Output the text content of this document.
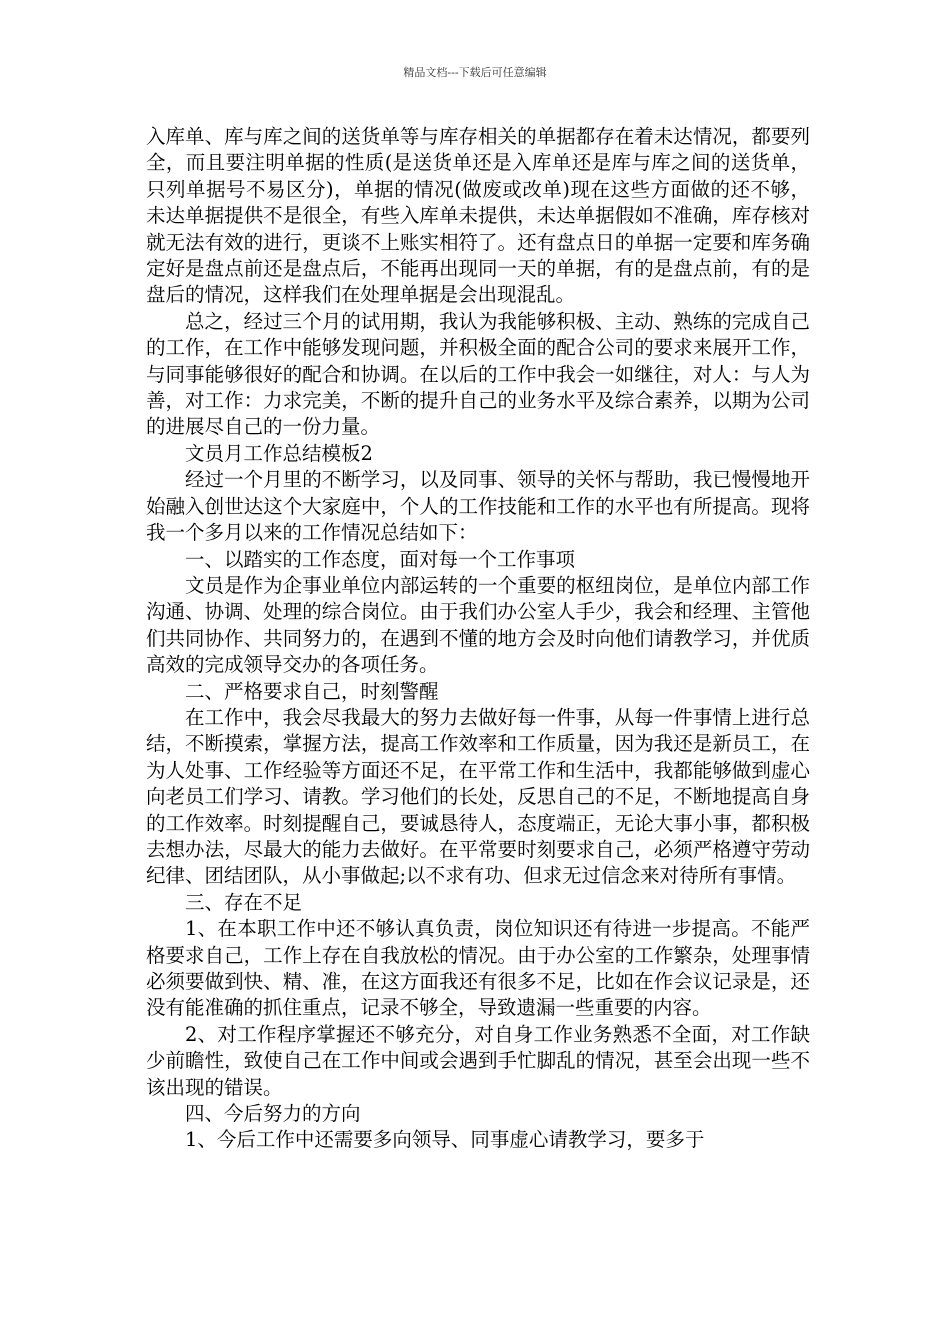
精品文档---下载后可任意编辑

入库单、库与库之间的送货单等与库存相关的单据都存在着未达情况，都要列全，而且要注明单据的性质(是送货单还是入库单还是库与库之间的送货单，只列单据号不易区分)，单据的情况(做废或改单)现在这些方面做的还不够，未达单据提供不是很全，有些入库单未提供，未达单据假如不准确，库存核对就无法有效的进行，更谈不上账实相符了。还有盘点日的单据一定要和库务确定好是盘点前还是盘点后，不能再出现同一天的单据，有的是盘点前，有的是盘后的情况，这样我们在处理单据是会出现混乱。

总之，经过三个月的试用期，我认为我能够积极、主动、熟练的完成自己的工作，在工作中能够发现问题，并积极全面的配合公司的要求来展开工作，与同事能够很好的配合和协调。在以后的工作中我会一如继往，对人：与人为善，对工作：力求完美，不断的提升自己的业务水平及综合素养，以期为公司的进展尽自己的一份力量。

文员月工作总结模板2

经过一个月里的不断学习，以及同事、领导的关怀与帮助，我已慢慢地开始融入创世达这个大家庭中，个人的工作技能和工作的水平也有所提高。现将我一个多月以来的工作情况总结如下：

一、以踏实的工作态度，面对每一个工作事项

文员是作为企事业单位内部运转的一个重要的枢纽岗位，是单位内部工作沟通、协调、处理的综合岗位。由于我们办公室人手少，我会和经理、主管他们共同协作、共同努力的，在遇到不懂的地方会及时向他们请教学习，并优质高效的完成领导交办的各项任务。

二、严格要求自己，时刻警醒

在工作中，我会尽我最大的努力去做好每一件事，从每一件事情上进行总结，不断摸索，掌握方法，提高工作效率和工作质量，因为我还是新员工，在为人处事、工作经验等方面还不足，在平常工作和生活中，我都能够做到虚心向老员工们学习、请教。学习他们的长处，反思自己的不足，不断地提高自身的工作效率。时刻提醒自己，要诚恳待人，态度端正，无论大事小事，都积极去想办法，尽最大的能力去做好。在平常要时刻要求自己，必须严格遵守劳动纪律、团结团队，从小事做起;以不求有功、但求无过信念来对待所有事情。

三、存在不足

1、在本职工作中还不够认真负责，岗位知识还有待进一步提高。不能严格要求自己，工作上存在自我放松的情况。由于办公室的工作繁杂，处理事情必须要做到快、精、准，在这方面我还有很多不足，比如在作会议记录是，还没有能准确的抓住重点，记录不够全，导致遗漏一些重要的内容。

2、对工作程序掌握还不够充分，对自身工作业务熟悉不全面，对工作缺少前瞻性，致使自己在工作中间或会遇到手忙脚乱的情况，甚至会出现一些不该出现的错误。

四、今后努力的方向

1、今后工作中还需要多向领导、同事虚心请教学习，要多于
